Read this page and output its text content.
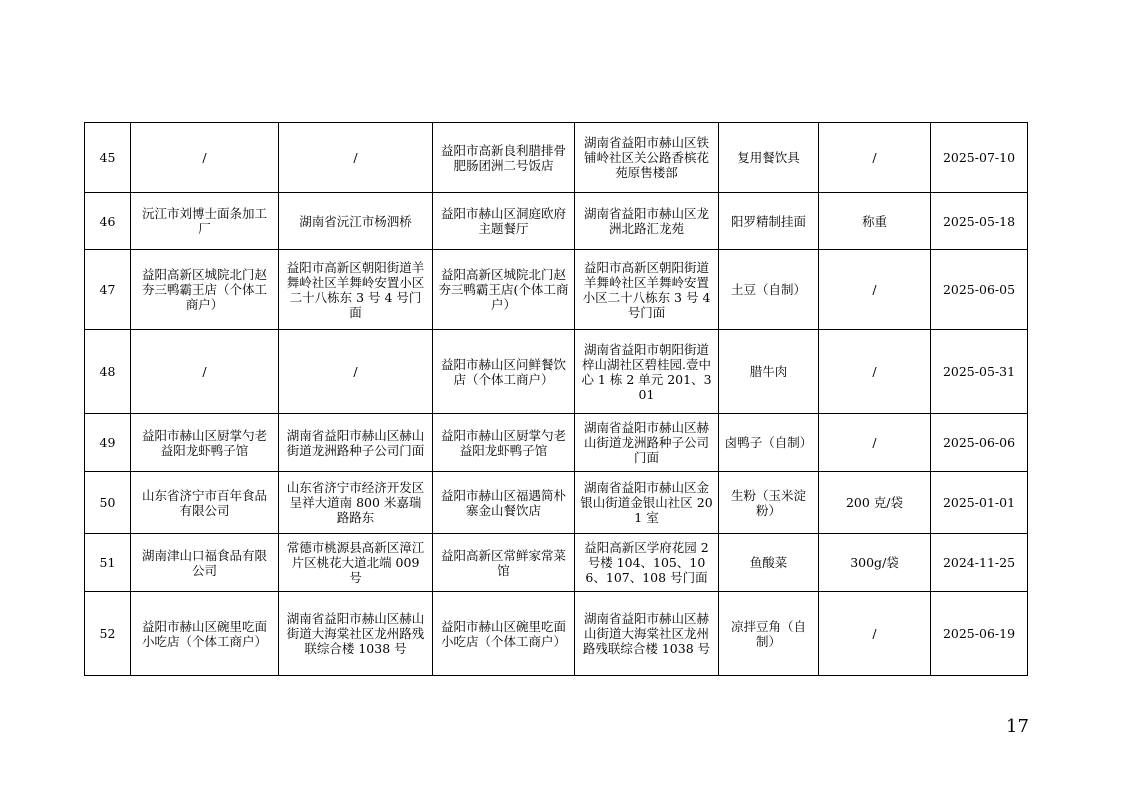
45	/	/	益阳市高新良利腊排骨肥肠团洲二号饭店	湖南省益阳市赫山区铁铺岭社区关公路香槟花苑原售楼部	复用餐饮具	/	2025-07-10
46	沅江市刘博士面条加工厂	湖南省沅江市杨泗桥	益阳市赫山区洞庭欧府主题餐厅	湖南省益阳市赫山区龙洲北路汇龙苑	阳罗精制挂面	称重	2025-05-18
47	益阳高新区城院北门赵夯三鸭霸王店（个体工商户）	益阳市高新区朝阳街道羊舞岭社区羊舞岭安置小区二十八栋东 3 号 4 号门面	益阳高新区城院北门赵夯三鸭霸王店(个体工商户）	益阳市高新区朝阳街道羊舞岭社区羊舞岭安置小区二十八栋东 3 号 4 号门面	土豆（自制）	/	2025-06-05
48	/	/	益阳市赫山区问鲜餐饮店（个体工商户）	湖南省益阳市朝阳街道梓山湖社区碧桂园.壹中心 1 栋 2 单元 201、301	腊牛肉	/	2025-05-31
49	益阳市赫山区厨掌勺老益阳龙虾鸭子馆	湖南省益阳市赫山区赫山街道龙洲路种子公司门面	益阳市赫山区厨掌勺老益阳龙虾鸭子馆	湖南省益阳市赫山区赫山街道龙洲路种子公司门面	卤鸭子（自制）	/	2025-06-06
50	山东省济宁市百年食品有限公司	山东省济宁市经济开发区呈祥大道南 800 米嘉瑞路路东	益阳市赫山区福遇简朴寨金山餐饮店	湖南省益阳市赫山区金银山街道金银山社区 201 室	生粉（玉米淀粉）	200 克/袋	2025-01-01
51	湖南津山口福食品有限公司	常德市桃源县高新区漳江片区桃花大道北端 009 号	益阳高新区常鲜家常菜馆	益阳高新区学府花园 2 号楼 104、105、106、107、108 号门面	鱼酸菜	300g/袋	2024-11-25
52	益阳市赫山区碗里吃面小吃店（个体工商户）	湖南省益阳市赫山区赫山街道大海棠社区龙州路残联综合楼 1038 号	益阳市赫山区碗里吃面小吃店（个体工商户）	湖南省益阳市赫山区赫山街道大海棠社区龙州路残联综合楼 1038 号	凉拌豆角（自制）	/	2025-06-19
17
